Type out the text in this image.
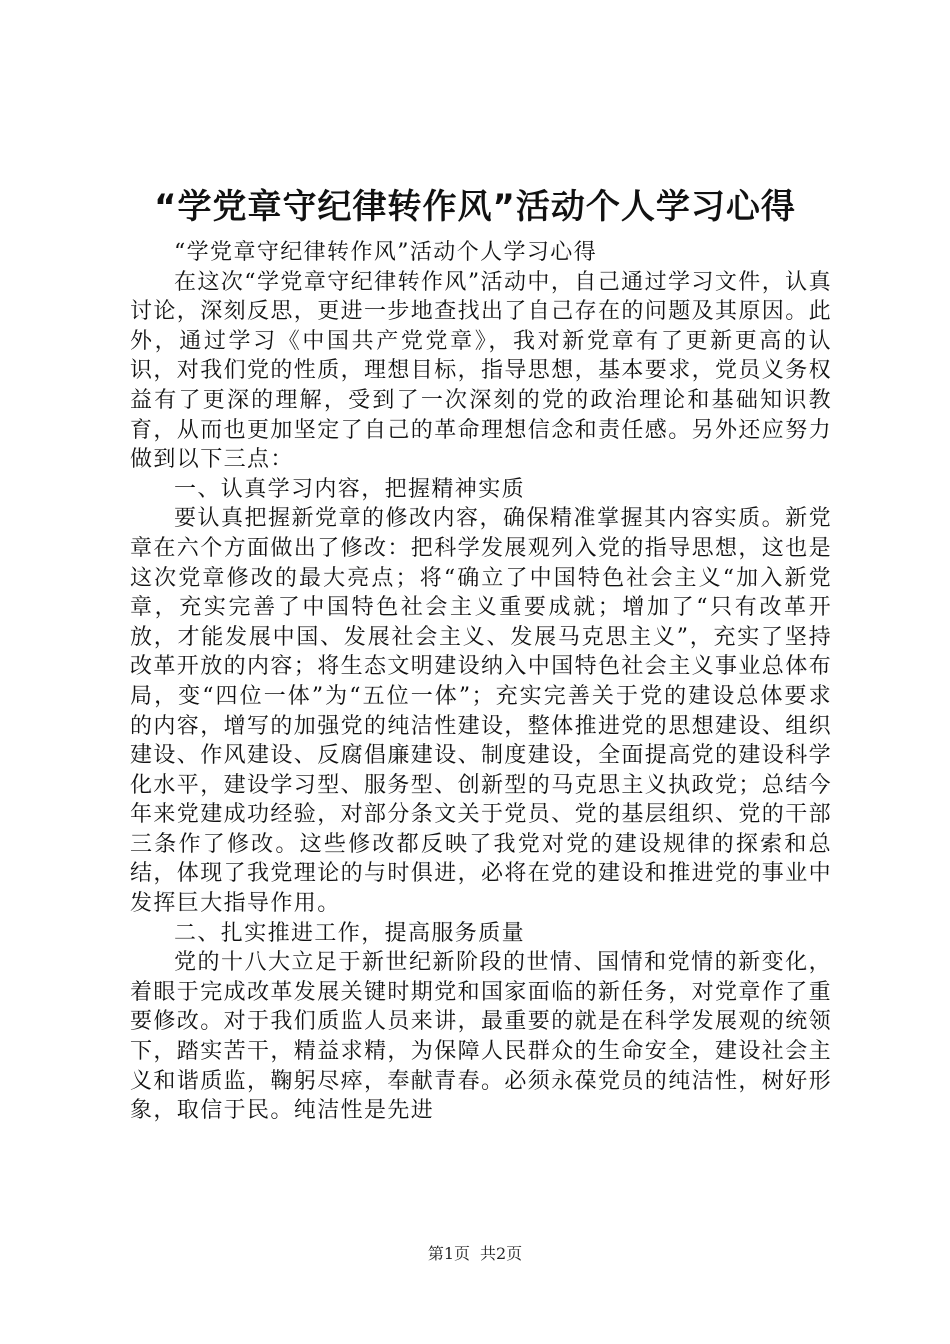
“学党章守纪律转作风”活动个人学习心得

“学党章守纪律转作风”活动个人学习心得

在这次“学党章守纪律转作风”活动中，自己通过学习文件，认真讨论，深刻反思，更进一步地查找出了自己存在的问题及其原因。此外，通过学习《中国共产党党章》，我对新党章有了更新更高的认识，对我们党的性质，理想目标，指导思想，基本要求，党员义务权益有了更深的理解，受到了一次深刻的党的政治理论和基础知识教育，从而也更加坚定了自己的革命理想信念和责任感。另外还应努力做到以下三点：

一、认真学习内容，把握精神实质

要认真把握新党章的修改内容，确保精准掌握其内容实质。新党章在六个方面做出了修改：把科学发展观列入党的指导思想，这也是这次党章修改的最大亮点；将“确立了中国特色社会主义“加入新党章，充实完善了中国特色社会主义重要成就；增加了“只有改革开放，才能发展中国、发展社会主义、发展马克思主义”，充实了坚持改革开放的内容；将生态文明建设纳入中国特色社会主义事业总体布局，变“四位一体”为“五位一体”；充实完善关于党的建设总体要求的内容，增写的加强党的纯洁性建设，整体推进党的思想建设、组织建设、作风建设、反腐倡廉建设、制度建设，全面提高党的建设科学化水平，建设学习型、服务型、创新型的马克思主义执政党；总结今年来党建成功经验，对部分条文关于党员、党的基层组织、党的干部三条作了修改。这些修改都反映了我党对党的建设规律的探索和总结，体现了我党理论的与时俱进，必将在党的建设和推进党的事业中发挥巨大指导作用。

二、扎实推进工作，提高服务质量

党的十八大立足于新世纪新阶段的世情、国情和党情的新变化，着眼于完成改革发展关键时期党和国家面临的新任务，对党章作了重要修改。对于我们质监人员来讲，最重要的就是在科学发展观的统领下，踏实苦干，精益求精，为保障人民群众的生命安全，建设社会主义和谐质监，鞠躬尽瘁，奉献青春。必须永葆党员的纯洁性，树好形象，取信于民。纯洁性是先进

第1页 共2页
